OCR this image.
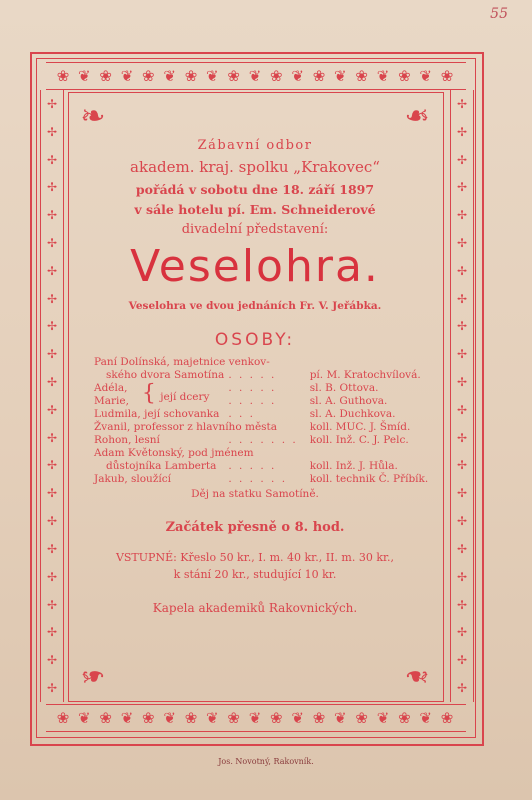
55
❀ ❦ ❀ ❦ ❀ ❦ ❀ ❦ ❀ ❦ ❀ ❦ ❀ ❦ ❀ ❦ ❀ ❦ ❀
❀ ❦ ❀ ❦ ❀ ❦ ❀ ❦ ❀ ❦ ❀ ❦ ❀ ❦ ❀ ❦ ❀ ❦ ❀
✢
✢
✢
✢
✢
✢
✢
✢
✢
✢
✢
✢
✢
✢
✢
✢
✢
✢
✢
✢
✢
✢
✢
✢
✢
✢
✢
✢
✢
✢
✢
✢
✢
✢
✢
✢
✢
✢
✢
✢
✢
✢
✢
✢
❧	❧
❧	❧
Zábavní odbor
akadem. kraj. spolku „Krakovec“
pořádá v sobotu dne 18. září 1897
v sále hotelu pí. Em. Schneiderové
divadelní představení:
Veselohra.
Veselohra ve dvou jednáních Fr. V. Jeřábka.
OSOBY:
Paní Dolínská, majetnice venkov-			
ského dvora Samotína		. . . . .	pí. M. Kratochvílová.
Adéla,	{ její dcery	. . . . .	sl. B. Ottova.
Marie,		. . . . .	sl. A. Guthova.
Ludmila, její schovanka		. . .	sl. A. Duchkova.
Žvanil, professor z hlavního města			koll. MUC. J. Šmíd.
Rohon, lesní		. . . . . . .	koll. Inž. C. J. Pelc.
Adam Květonský, pod jménem			
důstojníka Lamberta		. . . . .	koll. Inž. J. Hůla.
Jakub, sloužící		. . . . . .	koll. technik Č. Příbík.
Děj na statku Samotíně.
Začátek přesně o 8. hod.
VSTUPNÉ: Křeslo 50 kr., I. m. 40 kr., II. m. 30 kr.,
k stání 20 kr., studující 10 kr.
Kapela akademiků Rakovnických.
Jos. Novotný, Rakovník.
